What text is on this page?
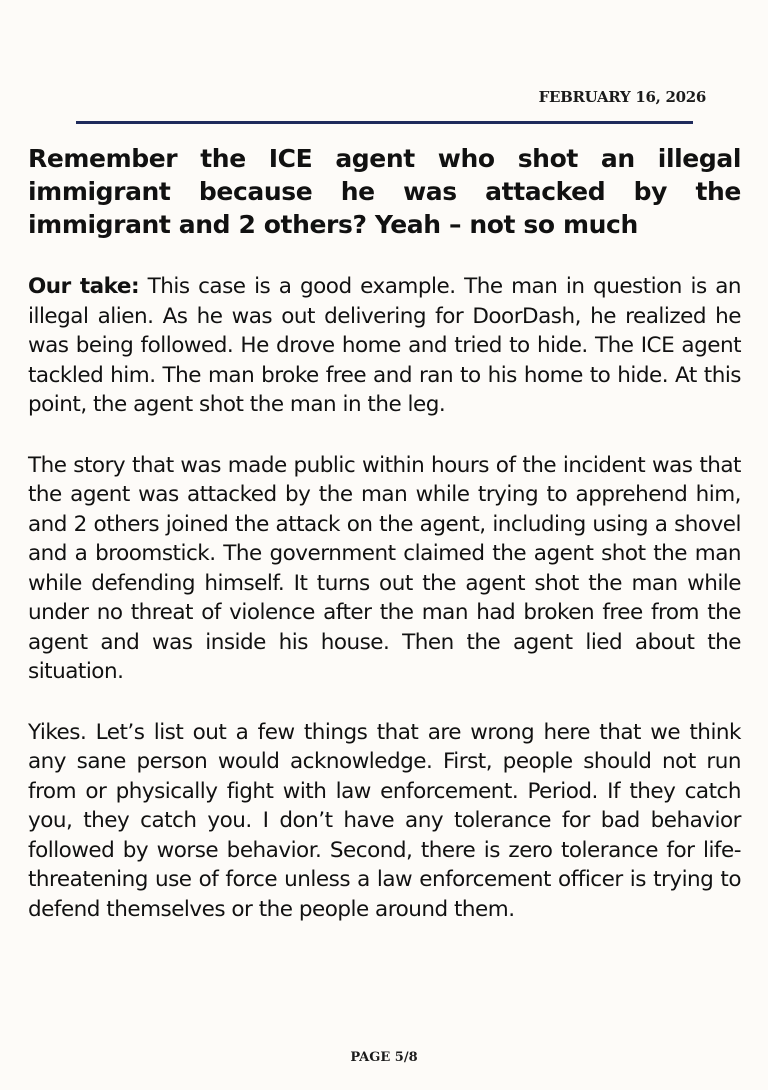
FEBRUARY 16, 2026
Remember the ICE agent who shot an illegal immigrant because he was attacked by the immigrant and 2 others? Yeah – not so much

Our take: This case is a good example. The man in question is an illegal alien. As he was out delivering for DoorDash, he realized he was being followed. He drove home and tried to hide. The ICE agent tackled him. The man broke free and ran to his home to hide. At this point, the agent shot the man in the leg.

The story that was made public within hours of the incident was that the agent was attacked by the man while trying to apprehend him, and 2 others joined the attack on the agent, including using a shovel and a broomstick. The government claimed the agent shot the man while defending himself. It turns out the agent shot the man while under no threat of violence after the man had broken free from the agent and was inside his house. Then the agent lied about the situation.

Yikes. Let’s list out a few things that are wrong here that we think any sane person would acknowledge. First, people should not run from or physically fight with law enforcement. Period. If they catch you, they catch you. I don’t have any tolerance for bad behavior followed by worse behavior. Second, there is zero tolerance for life-threatening use of force unless a law enforcement officer is trying to defend themselves or the people around them.

PAGE 5/8
